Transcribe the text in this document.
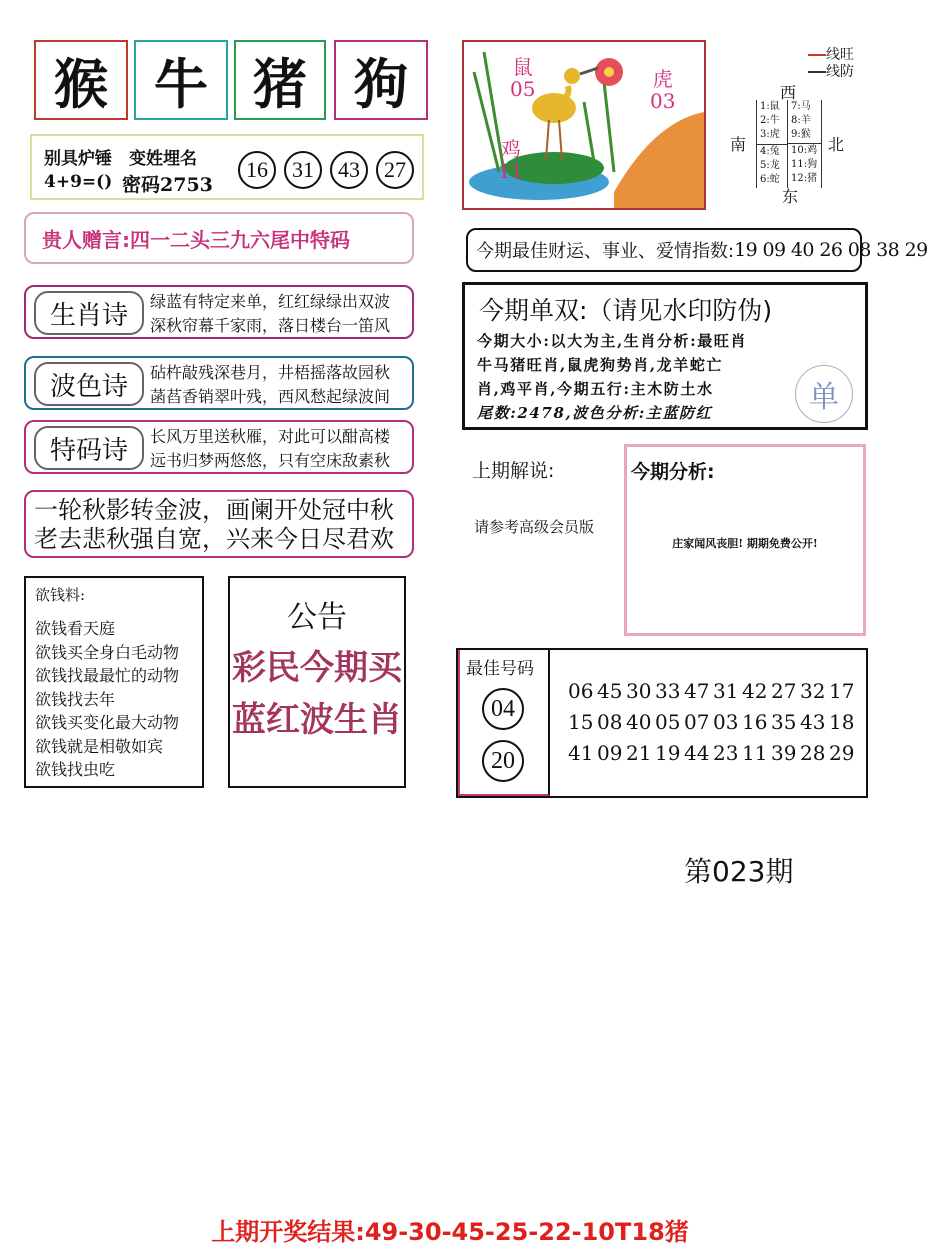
猴 牛 猪 狗
别具炉锤　变姓埋名
4+9=() 密码2753
16 31 43 27
贵人赠言:四一二头三九六尾中特码
生肖诗	绿蓝有特定来单，红红绿绿出双波
深秋帘幕千家雨，落日楼台一笛风
波色诗	砧杵敲残深巷月，井梧摇落故园秋
菡萏香销翠叶残，西风愁起绿波间
特码诗	长风万里送秋雁，对此可以酣高楼
远书归梦两悠悠，只有空床敌素秋
一轮秋影转金波，画阑开处冠中秋
老去悲秋强自宽，兴来今日尽君欢
欲钱料:
欲钱看天庭
欲钱买全身白毛动物
欲钱找最最忙的动物
欲钱找去年
欲钱买变化最大动物
欲钱就是相敬如宾
欲钱找虫吃
公告
彩民今期买
蓝红波生肖
鼠
05	虎
03
鸡
11
线旺
线防
西
南	北
东
1:鼠
2:牛
3:虎
7:马
8:羊
9:猴
4:兔
5:龙
6:蛇
10:鸡
11:狗
12:猪
今期最佳财运、事业、爱情指数: 19 09 40 26 08 38 29
今期单双:（请见水印防伪)
今期大小:以大为主,生肖分析:最旺肖
牛马猪旺肖,鼠虎狗势肖,龙羊蛇亡
肖,鸡平肖,今期五行:主木防土水
尾数:2478,波色分析:主蓝防红	单
上期解说:
请参考高级会员版
今期分析:
庄家闻风丧胆! 期期免费公开!
最佳号码
04
20
06 45 30 33 47 31 42 27 32 17
15 08 40 05 07 03 16 35 43 18
41 09 21 19 44 23 11 39 28 29
第023期
上期开奖结果:49-30-45-25-22-10T18猪
